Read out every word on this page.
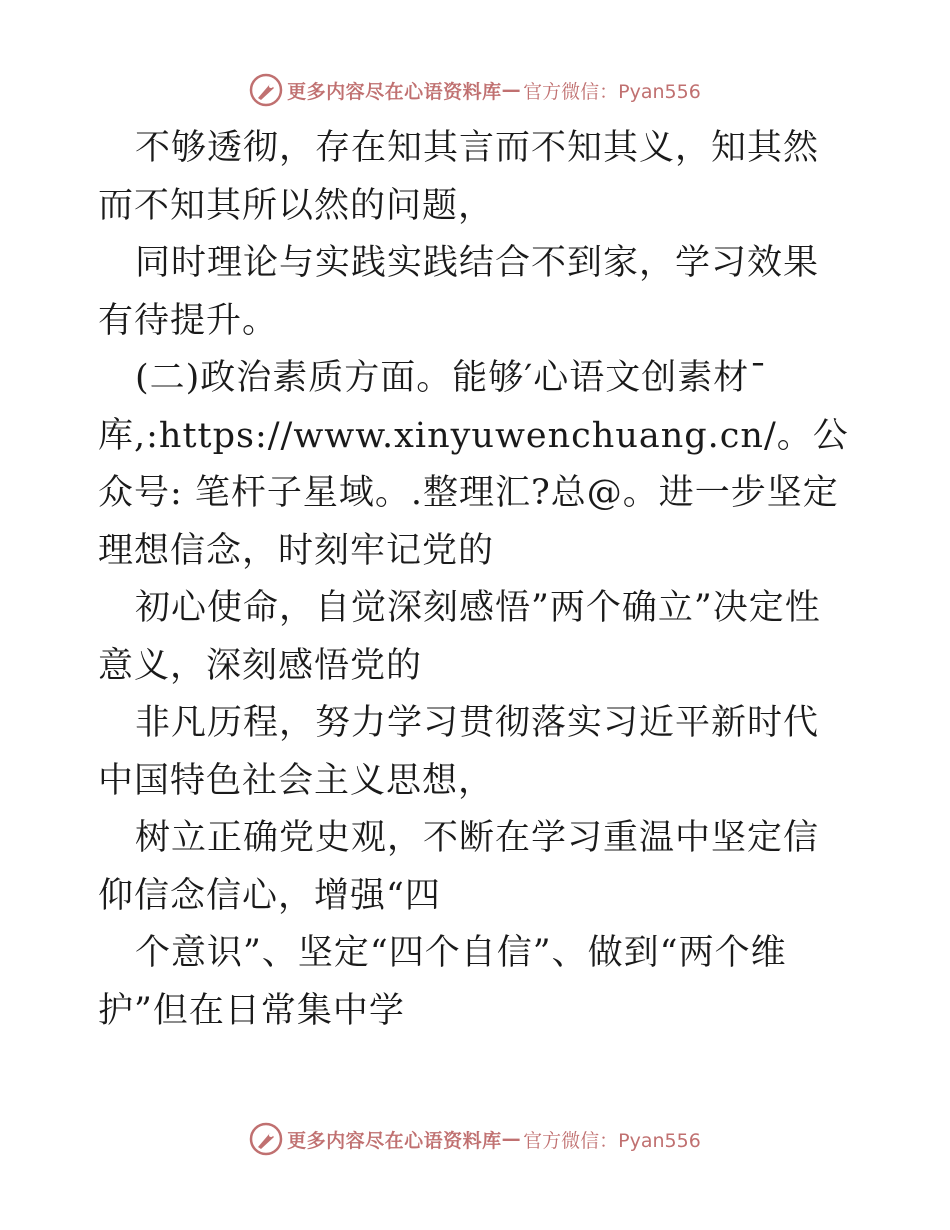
更多内容尽在心语资料库 — 官方微信：Pyan556

不够透彻，存在知其言而不知其义，知其然而不知其所以然的问题，

同时理论与实践实践结合不到家，学习效果有待提升。

(二)政治素质方面。能够′心语文创素材¯库,:https://www.xinyuwenchuang.cn/。公众号: 笔杆子星域。.整理汇?总@。进一步坚定理想信念，时刻牢记党的

初心使命，自觉深刻感悟”两个确立”决定性意义，深刻感悟党的

非凡历程，努力学习贯彻落实习近平新时代中国特色社会主义思想，

树立正确党史观，不断在学习重温中坚定信仰信念信心，增强“四

个意识”、坚定“四个自信”、做到“两个维护”但在日常集中学

更多内容尽在心语资料库 — 官方微信：Pyan556
